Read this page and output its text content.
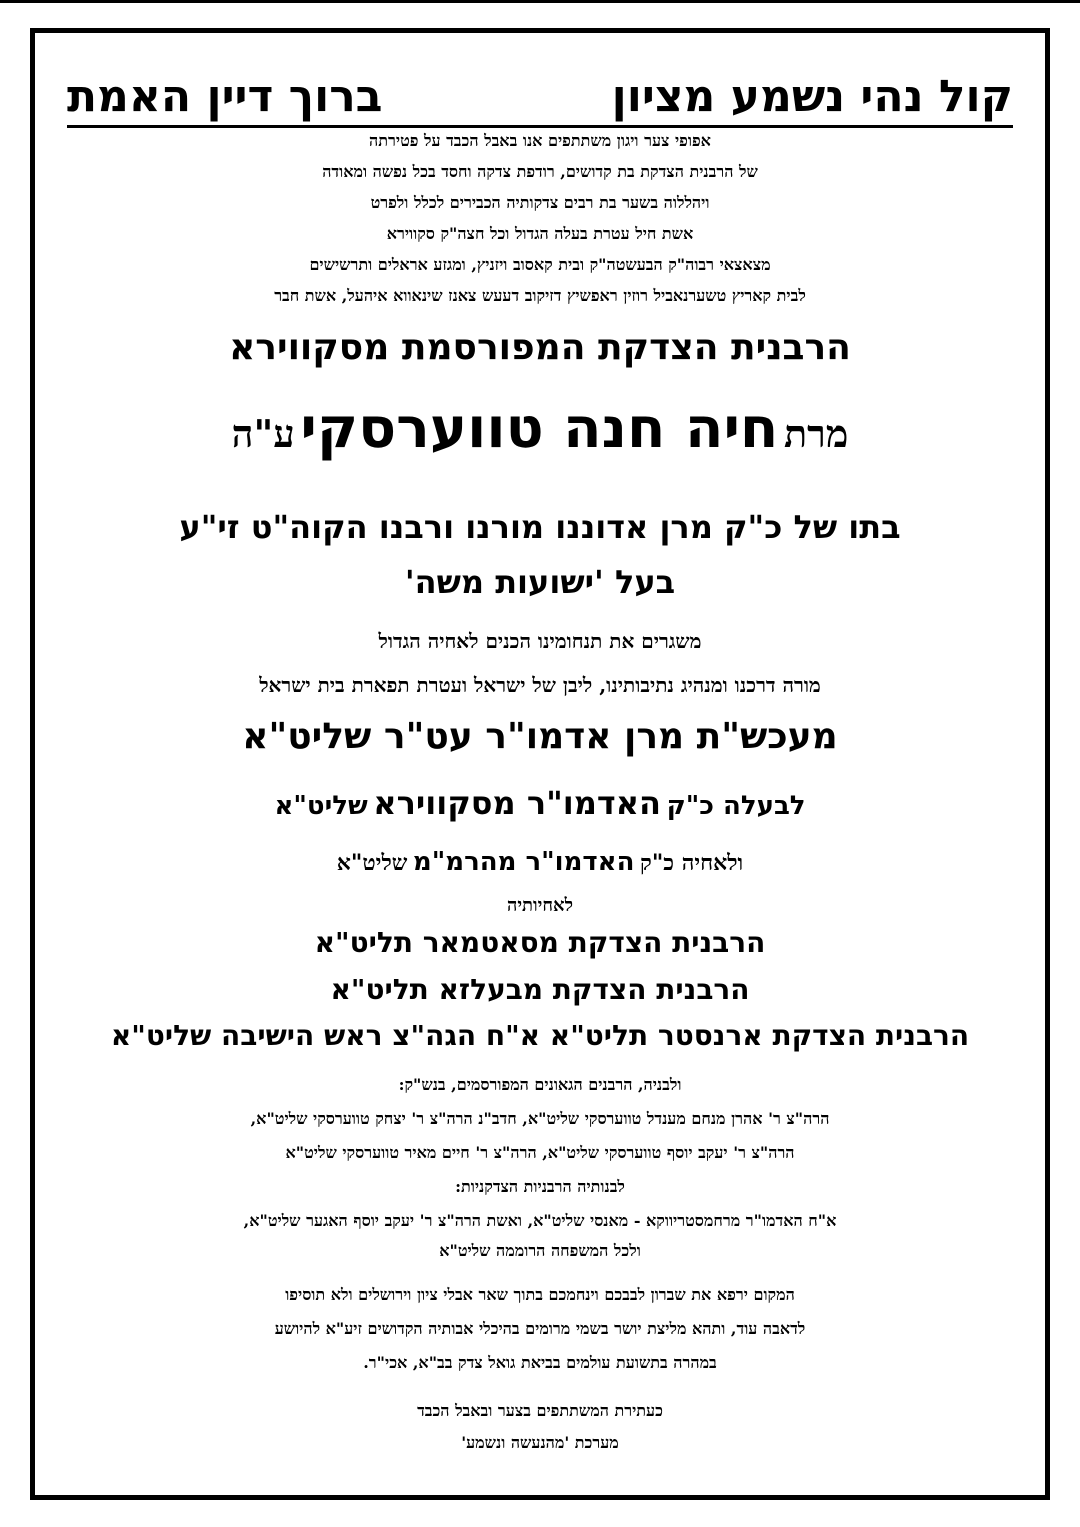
קול נהי נשמע מציון
ברוך דיין האמת
אפופי צער ויגון משתתפים אנו באבל הכבד על פטירתה
של הרבנית הצדקת בת קדושים, רודפת צדקה וחסד בכל נפשה ומאודה
ויהללוה בשער בת רבים צדקותיה הכבירים לכלל ולפרט
אשת חיל עטרת בעלה הגדול וכל חצה"ק סקווירא
מצאצאי רבוה"ק הבעשטה"ק ובית קאסוב ויזניץ, ומגזע אראלים ותרשישים
לבית קאריץ טשערנאביל רוזין ראפשיץ דזיקוב דעעש צאנז שינאווא איהעל, אשת חבר
הרבנית הצדקת המפורסמת מסקווירא
מרת חיה חנה טווערסקי ע"ה
בתו של כ"ק מרן אדוננו מורנו ורבנו הקוה"ט זי"ע
בעל 'ישועות משה'
משגרים את תנחומינו הכנים לאחיה הגדול
מורה דרכנו ומנהיג נתיבותינו, ליבן של ישראל ועטרת תפארת בית ישראל
מעכש"ת מרן אדמו"ר עט"ר שליט"א
לבעלה כ"ק האדמו"ר מסקווירא שליט"א
ולאחיה כ"ק האדמו"ר מהרמ"מ שליט"א
לאחיותיה
הרבנית הצדקת מסאטמאר תליט"א
הרבנית הצדקת מבעלזא תליט"א
הרבנית הצדקת ארנסטר תליט"א א"ח הגה"צ ראש הישיבה שליט"א
ולבניה, הרבנים הגאונים המפורסמים, בנש"ק:
הרה"צ ר' אהרן מנחם מענדל טווערסקי שליט"א, חדב"נ הרה"צ ר' יצחק טווערסקי שליט"א,
הרה"צ ר' יעקב יוסף טווערסקי שליט"א, הרה"צ ר' חיים מאיר טווערסקי שליט"א
לבנותיה הרבניות הצדקניות:
א"ח האדמו"ר מרחמסטריווקא - מאנסי שליט"א, ואשת הרה"צ ר' יעקב יוסף האגער שליט"א,
ולכל המשפחה הרוממה שליט"א
המקום ירפא את שברון לבבכם וינחמכם בתוך שאר אבלי ציון וירושלים ולא תוסיפו
לדאבה עוד, ותהא מליצת יושר בשמי מרומים בהיכלי אבותיה הקדושים זיע"א להיושע
במהרה בתשועת עולמים בביאת גואל צדק בב"א, אכי"ר.
כעתירת המשתתפים בצער ובאבל הכבד
מערכת 'מהנעשה ונשמע'
